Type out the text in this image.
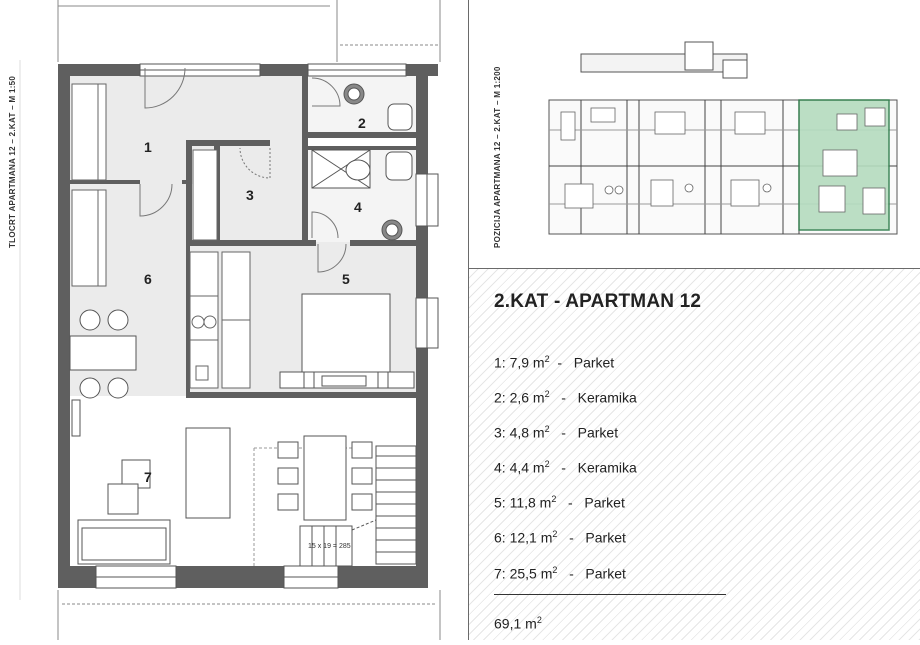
TLOCRT APARTMANA 12 – 2.KAT – M 1:50	1
2
3
4
5
6
7
15 x 19 = 285
POZICIJA APARTMANA 12 – 2.KAT – M 1:200
2.KAT - APARTMAN 12
1: 7,9 $m^2$  -   Parket
2: 2,6 $m^2$   -   Keramika
3: 4,8 $m^2$   -   Parket
4: 4,4 $m^2$   -   Keramika
5: 11,8 $m^2$   -   Parket
6: 12,1 $m^2$   -   Parket
7: 25,5 $m^2$   -   Parket
69,1 $m^2$
